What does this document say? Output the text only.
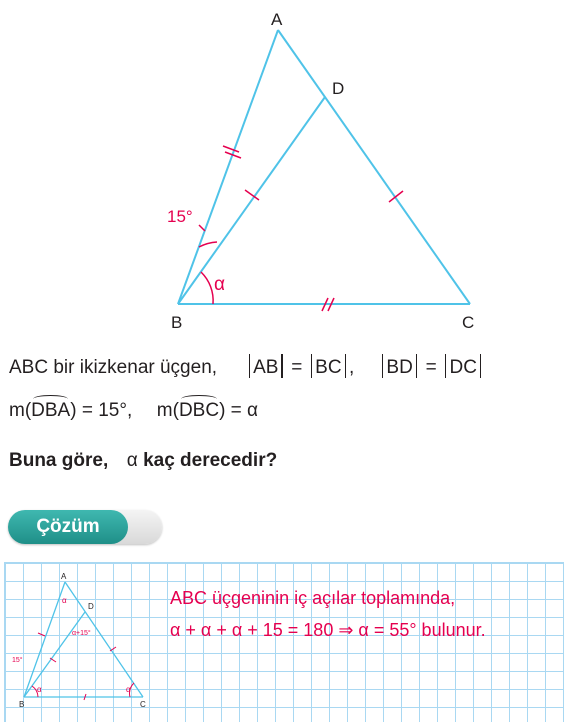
A
D
B	C
15°
α
ABC bir ikizkenar üçgen, AB = BC , BD = DC
m(DBA) = 15°, m(DBC) = α
Buna göre, α kaç derecedir?
Çözüm
A
D
B	C
15°
α+15°
α
α	α
ABC üçgeninin iç açılar toplamında,
α + α + α + 15 = 180 ⇒ α = 55° bulunur.
